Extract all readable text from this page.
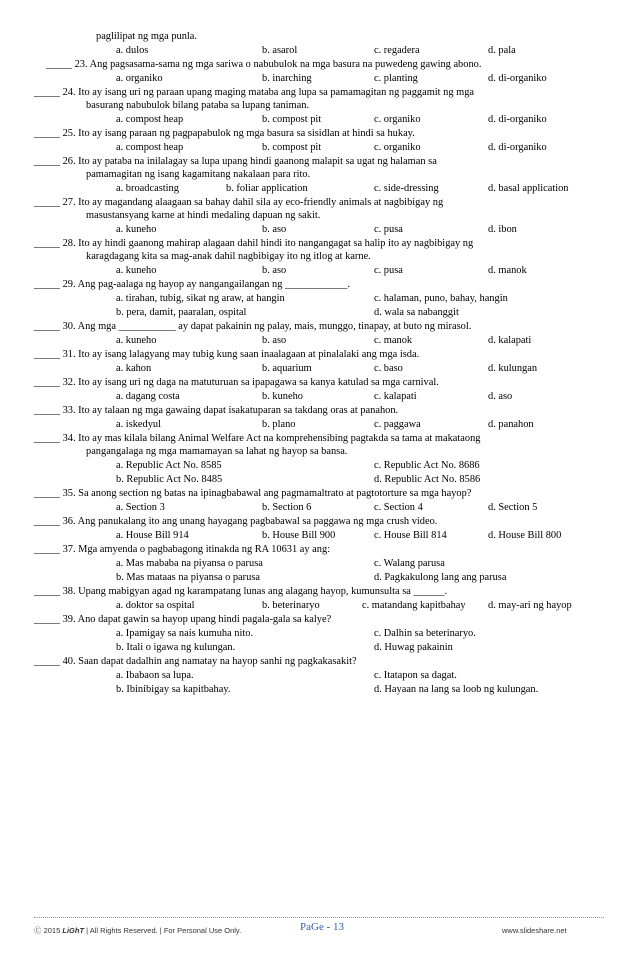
paglilipat ng mga punla.
_____ 23. Ang pagsasama-sama ng mga sariwa o nabubulok na mga basura na puwedeng gawing abono.
_____ 24. Ito ay isang uri ng paraan upang maging mataba ang lupa sa pamamagitan ng paggamit ng mga
basurang nabubulok bilang pataba sa lupang taniman.
_____ 25. Ito ay isang paraan ng pagpapabulok ng mga basura sa sisidlan at hindi sa hukay.
_____ 26. Ito ay pataba na inilalagay sa lupa upang hindi gaanong malapit sa ugat ng halaman sa
pamamagitan ng isang kagamitang nakalaan para rito.
_____ 27. Ito ay magandang alaagaan sa bahay dahil sila ay eco-friendly animals at nagbibigay ng
masustansyang karne at hindi medaling dapuan ng sakit.
_____ 28. Ito ay hindi gaanong mahirap alagaan dahil hindi ito nangangagat sa halip ito ay nagbibigay ng
karagdagang kita sa mag-anak dahil nagbibigay ito ng itlog at karne.
_____ 29. Ang pag-aalaga ng hayop ay nangangailangan ng ____________.
_____ 30. Ang mga ___________ ay dapat pakainin ng palay, mais, munggo, tinapay, at buto ng mirasol.
_____ 31. Ito ay isang lalagyang may tubig kung saan inaalagaan at pinalalaki ang mga isda.
_____ 32. Ito ay isang uri ng daga na matuturuan sa ipapagawa sa kanya katulad sa mga carnival.
_____ 33. Ito ay talaan ng mga gawaing dapat isakatuparan sa takdang oras at panahon.
_____ 34. Ito ay mas kilala bilang Animal Welfare Act na komprehensibing pagtakda sa tama at makataong
pangangalaga ng mga mamamayan sa lahat ng hayop sa bansa.
_____ 35. Sa anong section ng batas na ipinagbabawal ang pagmamaltrato at pagtotorture sa mga hayop?
_____ 36. Ang panukalang ito ang unang hayagang pagbabawal sa paggawa ng mga crush video.
_____ 37. Mga amyenda o pagbabagong itinakda ng RA 10631 ay ang:
_____ 38. Upang mabigyan agad ng karampatang lunas ang alagang hayop, kumunsulta sa ______.
_____ 39. Ano dapat gawin sa hayop upang hindi pagala-gala sa kalye?
_____ 40. Saan dapat dadalhin ang namatay na hayop sanhi ng pagkakasakit?
a. dulos	b. asarol	c. regadera	d. pala
a. organiko	b. inarching	c. planting	d. di-organiko
a. compost heap	b. compost pit	c. organiko	d. di-organiko
a. compost heap	b. compost pit	c. organiko	d. di-organiko
a. broadcasting	b. foliar application	c. side-dressing	d. basal application
a. kuneho	b. aso	c. pusa	d. ibon
a. kuneho	b. aso	c. pusa	d. manok
a. tirahan, tubig, sikat ng araw, at hangin	c. halaman, puno, bahay, hangin
b. pera, damit, paaralan, ospital	d. wala sa nabanggit
a. kuneho	b. aso	c. manok	d. kalapati
a. kahon	b. aquarium	c. baso	d. kulungan
a. dagang costa	b. kuneho	c. kalapati	d. aso
a. iskedyul	b. plano	c. paggawa	d. panahon
a. Republic Act No. 8585	c. Republic Act No. 8686
b. Republic Act No. 8485	d. Republic Act No. 8586
a. Section 3	b. Section 6	c. Section 4	d. Section 5
a. House Bill 914	b. House Bill 900	c. House Bill 814	d. House Bill 800
a. Mas mababa na piyansa o parusa	c. Walang parusa
b. Mas mataas na piyansa o parusa	d. Pagkakulong lang ang parusa
a. doktor sa ospital	b. beterinaryo	c. matandang kapitbahay d. may-ari ng hayop
a. Ipamigay sa nais kumuha nito.	c. Dalhin sa beterinaryo.
b. Itali o igawa ng kulungan.	d. Huwag pakainin
a. Ibabaon sa lupa.	c. Itatapon sa dagat.
b. Ibinibigay sa kapitbahay.	d. Hayaan na lang sa loob ng kulungan.
Ⓒ 2015 LiGhT | All Rights Reserved. | For Personal Use Only.	PaGe - 13	www.slideshare.net
